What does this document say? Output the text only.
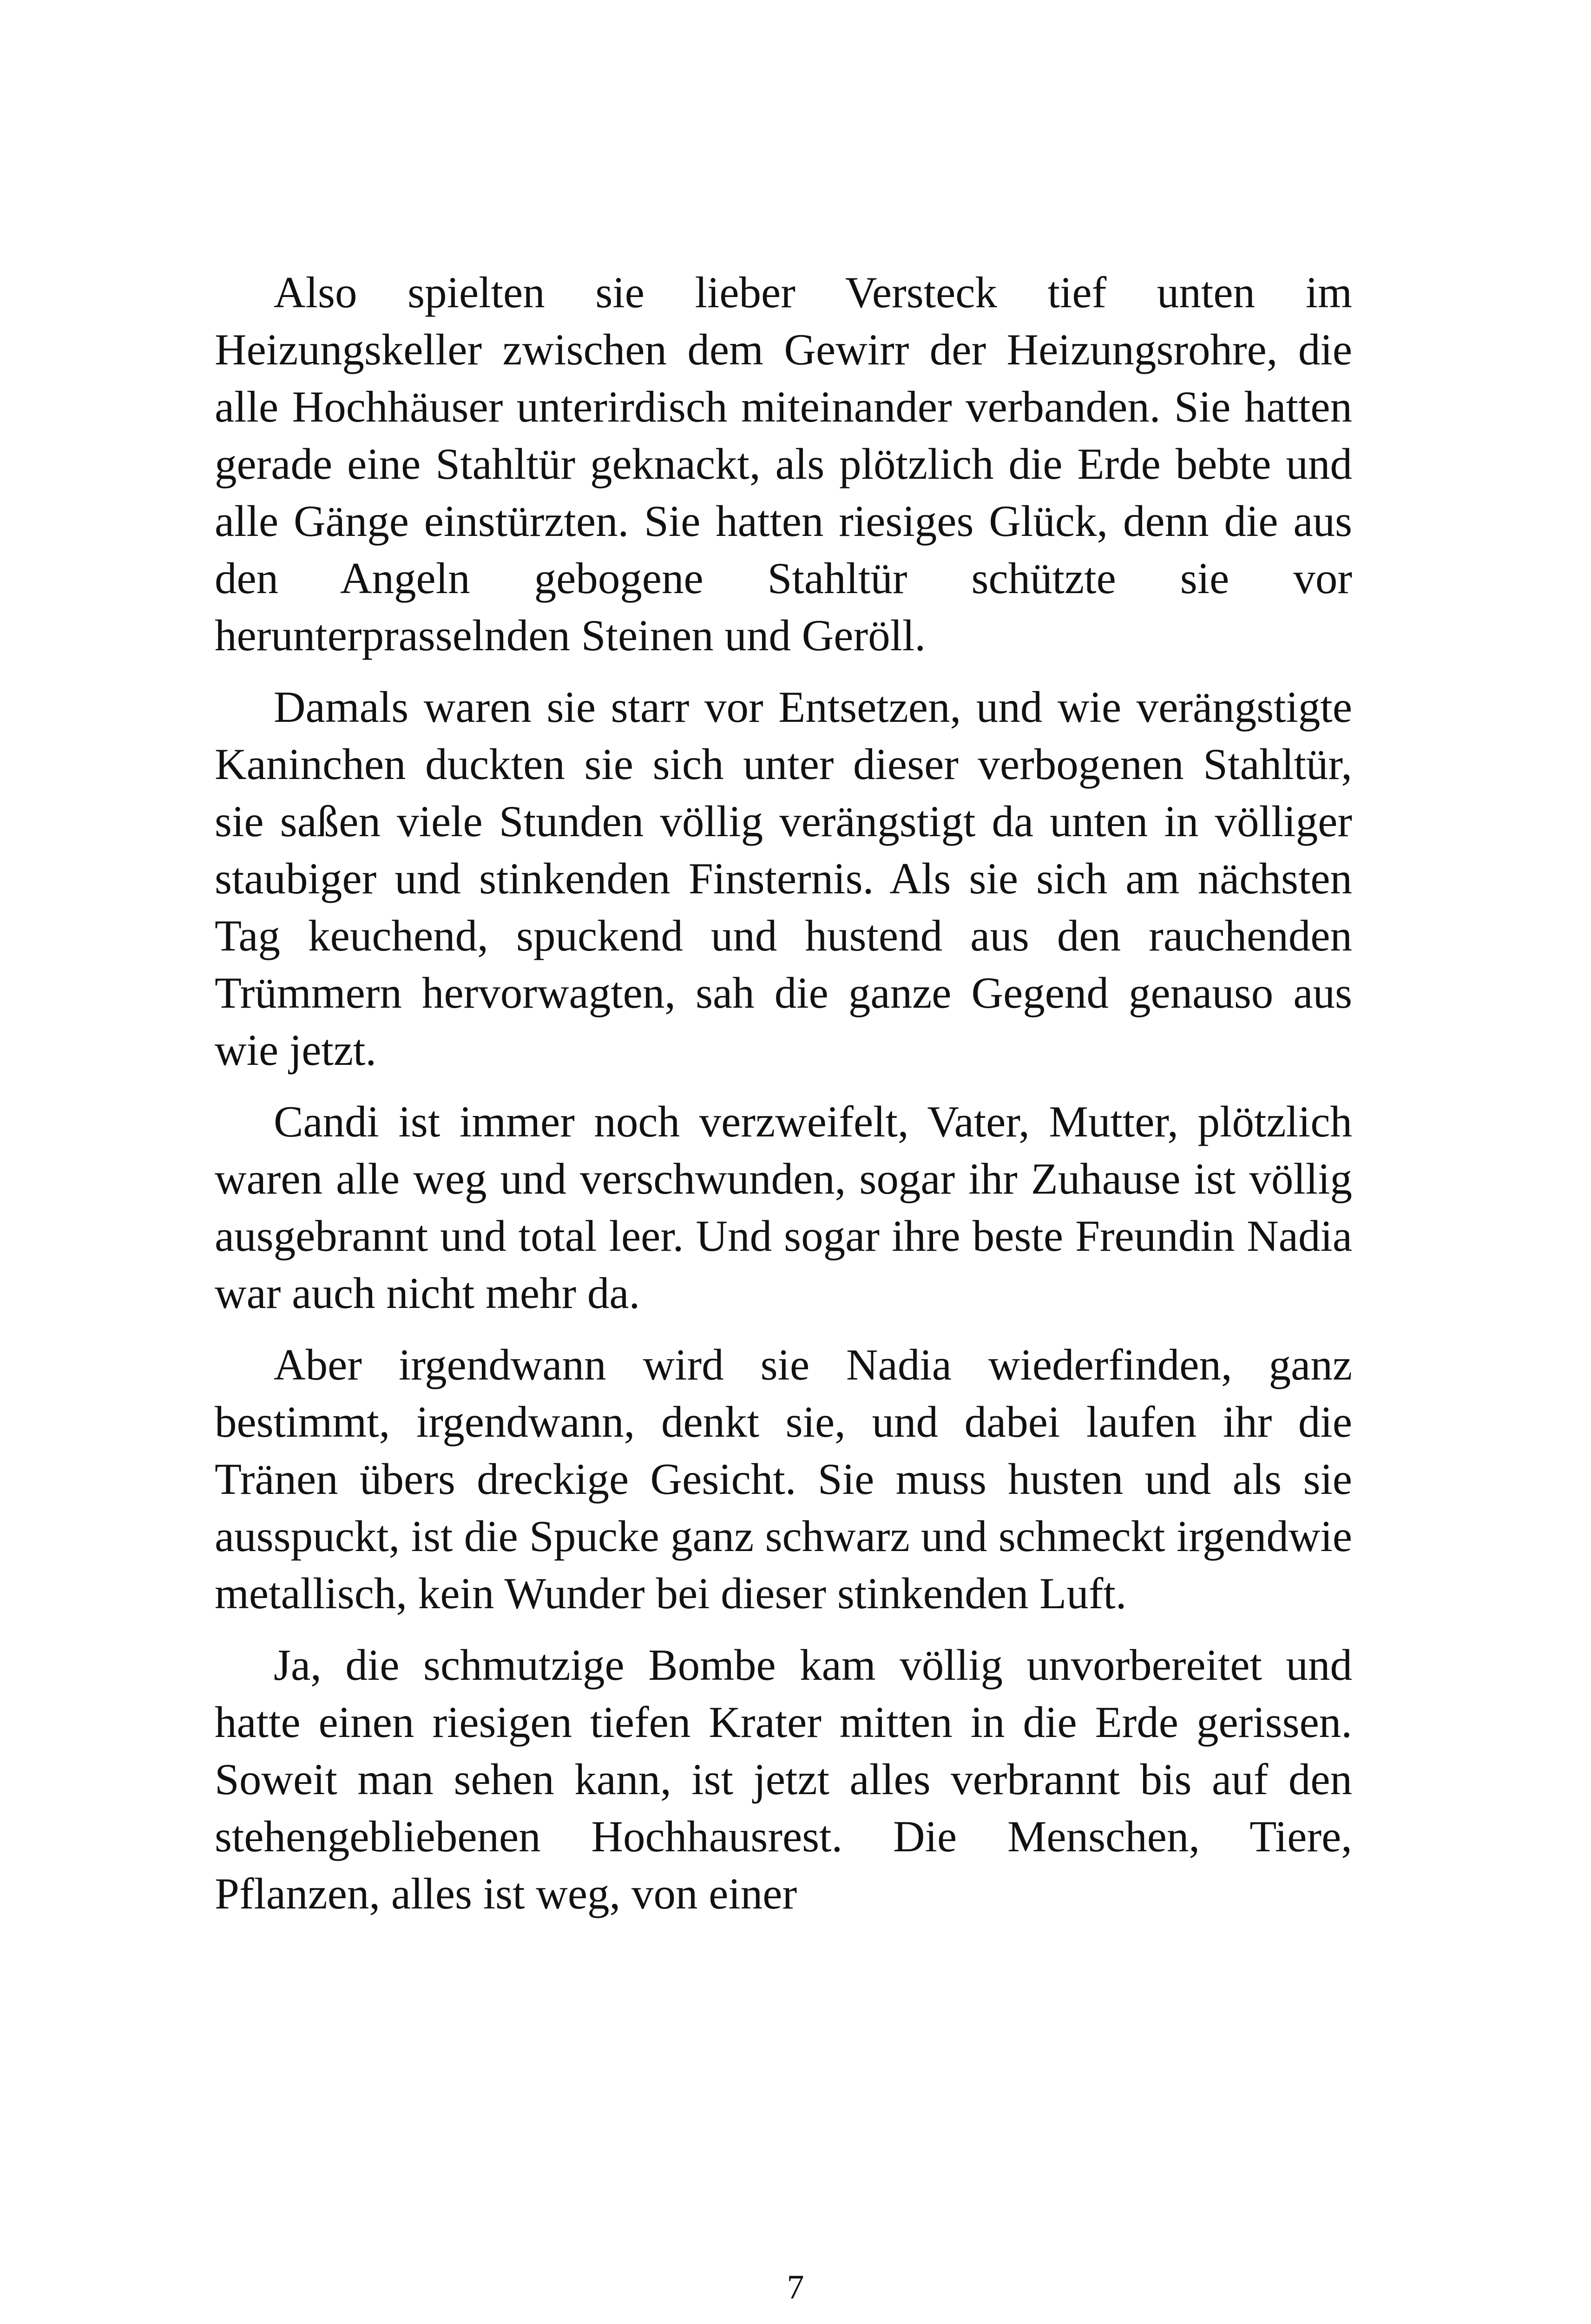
Also spielten sie lieber Versteck tief unten im Heizungskeller zwischen dem Gewirr der Heizungsrohre, die alle Hochhäuser unterirdisch miteinander verbanden. Sie hatten gerade eine Stahltür geknackt, als plötzlich die Erde bebte und alle Gänge einstürzten. Sie hatten riesiges Glück, denn die aus den Angeln gebogene Stahltür schützte sie vor herunterprasselnden Steinen und Geröll.

Damals waren sie starr vor Entsetzen, und wie verängstigte Kaninchen duckten sie sich unter dieser verbogenen Stahltür, sie saßen viele Stunden völlig verängstigt da unten in völliger staubiger und stinkenden Finsternis. Als sie sich am nächsten Tag keuchend, spuckend und hustend aus den rauchenden Trümmern hervorwagten, sah die ganze Gegend genauso aus wie jetzt.

Candi ist immer noch verzweifelt, Vater, Mutter, plötzlich waren alle weg und verschwunden, sogar ihr Zuhause ist völlig ausgebrannt und total leer. Und sogar ihre beste Freundin Nadia war auch nicht mehr da.

Aber irgendwann wird sie Nadia wiederfinden, ganz bestimmt, irgendwann, denkt sie, und dabei laufen ihr die Tränen übers dreckige Gesicht. Sie muss husten und als sie ausspuckt, ist die Spucke ganz schwarz und schmeckt irgendwie metallisch, kein Wunder bei dieser stinkenden Luft.

Ja, die schmutzige Bombe kam völlig unvorbereitet und hatte einen riesigen tiefen Krater mitten in die Erde gerissen. Soweit man sehen kann, ist jetzt alles verbrannt bis auf den stehengebliebenen Hochhausrest. Die Menschen, Tiere, Pflanzen, alles ist weg, von einer

7
